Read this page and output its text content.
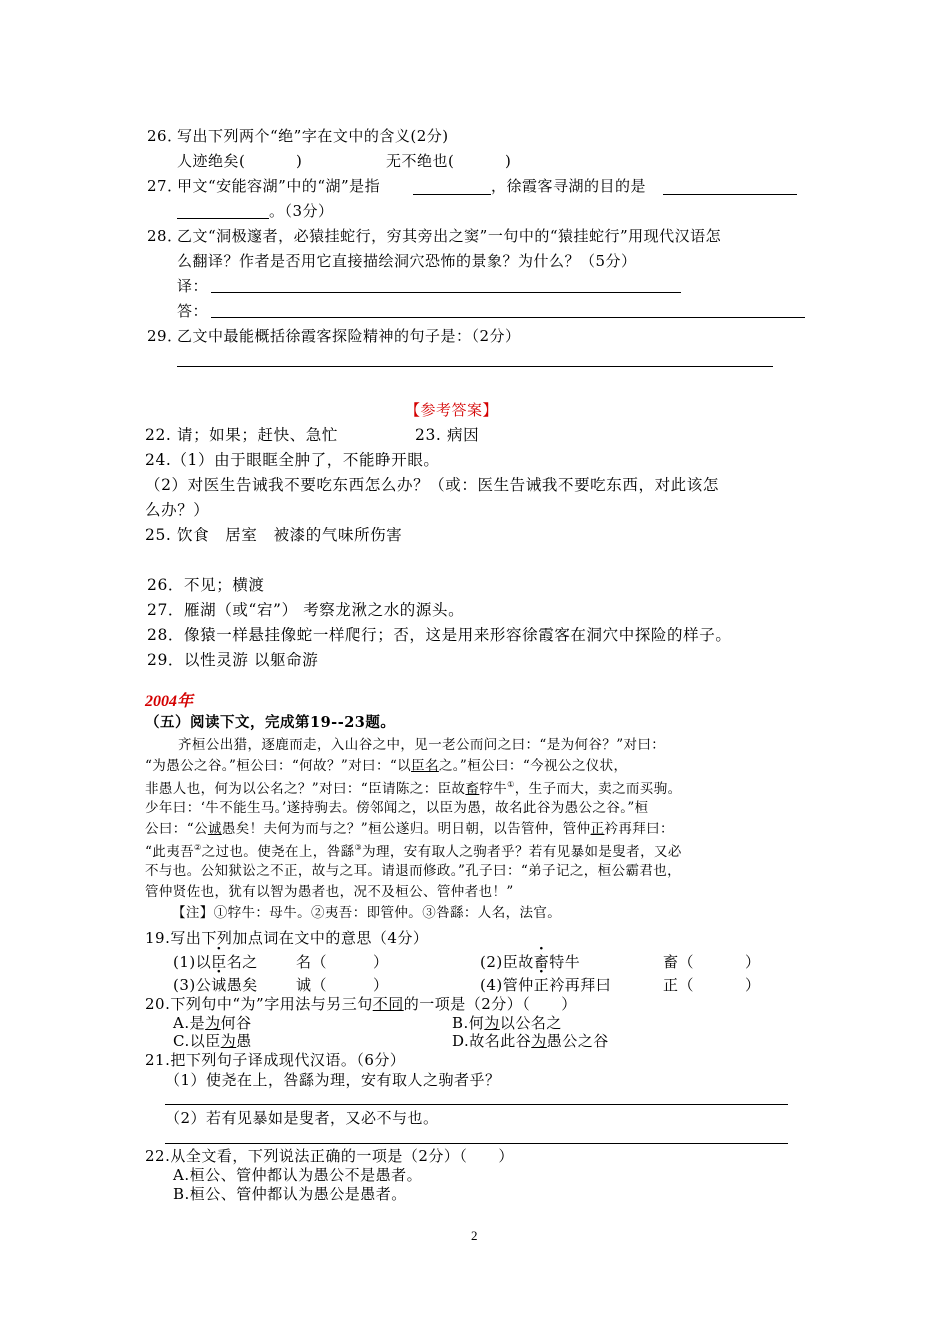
26．
写出下列两个“绝”字在文中的含义(2分)
人迹绝矣(	)	无不绝也(	)
27．
甲文“安能容湖”中的“湖”是指	，徐霞客寻湖的目的是
。（3分）
28．
乙文“洞极邃者，必猿挂蛇行，穷其旁出之窦”一句中的“猿挂蛇行”用现代汉语怎
么翻译？作者是否用它直接描绘洞穴恐怖的景象？为什么？（5分）
译：
答：
29．
乙文中最能概括徐霞客探险精神的句子是：（2分）
【参考答案】
22. 请；如果；赶快、急忙	23. 病因
24.（1）由于眼眶全肿了，不能睁开眼。
（2）对医生告诫我不要吃东西怎么办？（或：医生告诫我不要吃东西，对此该怎
么办？）
25. 饮食　居室　被漆的气味所伤害
26．不见；横渡
27．雁湖（或“宕”） 考察龙湫之水的源头。
28．像猿一样悬挂像蛇一样爬行；否，这是用来形容徐霞客在洞穴中探险的样子。
29．以性灵游 以躯命游
2004年
（五）阅读下文，完成第19--23题。
齐桓公出猎，逐鹿而走，入山谷之中，见一老公而问之曰：“是为何谷？”对曰：
“为愚公之谷。”桓公曰：“何故？”对曰：“以臣名之。”桓公曰：“今视公之仪状，
非愚人也，何为以公名之？”对曰：“臣请陈之：臣故畜牸牛①，生子而大，卖之而买驹。
少年曰：‘牛不能生马。’遂持驹去。傍邻闻之，以臣为愚，故名此谷为愚公之谷。”桓
公曰：“公诚愚矣！夫何为而与之？”桓公遂归。明日朝，以告管仲，管仲正衿再拜曰：
“此夷吾②之过也。使尧在上，咎繇③为理，安有取人之驹者乎？若有见暴如是叟者，又必
不与也。公知狱讼之不正，故与之耳。请退而修政。”孔子曰：“弟子记之，桓公霸君也，
管仲贤佐也，犹有以智为愚者也，况不及桓公、管仲者也！”
【注】①牸牛：母牛。②夷吾：即管仲。③咎繇：人名，法官。
19.写出下列加点词在文中的意思（4分）
(1)以臣名之	名（	）	(2)臣故畜特牛	畜（	）
(3)公诚愚矣	诚（	）	(4)管仲正衿再拜曰	正（	）
20.下列句中“为”字用法与另三句不同的一项是（2分）（　　）
A.是为何谷	B.何为以公名之
C.以臣为愚	D.故名此谷为愚公之谷
21.把下列句子译成现代汉语。（6分）
（1）使尧在上，咎繇为理，安有取人之驹者乎？
（2）若有见暴如是叟者，又必不与也。
22.从全文看，下列说法正确的一项是（2分）（　　）
A.桓公、管仲都认为愚公不是愚者。
B.桓公、管仲都认为愚公是愚者。
2
